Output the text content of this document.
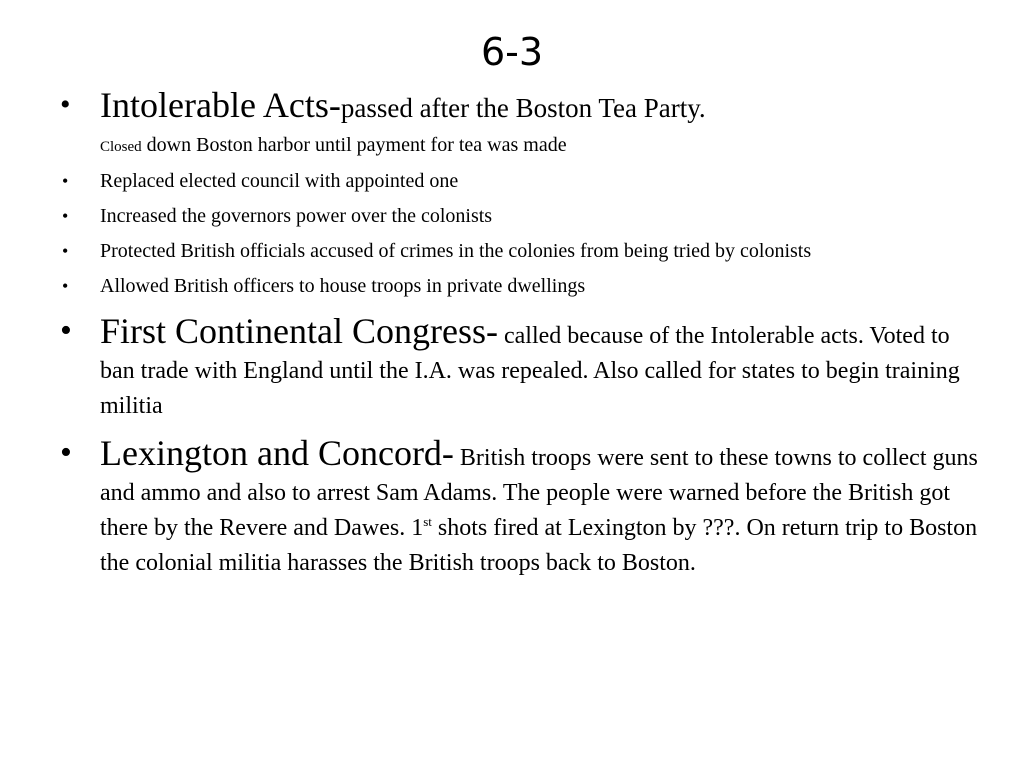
6-3
• Intolerable Acts-passed after the Boston Tea Party.
Closed down Boston harbor until payment for tea was made
• Replaced elected council with appointed one
• Increased the governors power over the colonists
• Protected British officials accused of crimes in the colonies from being tried by colonists
• Allowed British officers to house troops in private dwellings
• First Continental Congress- called because of the Intolerable acts. Voted to ban trade with England until the I.A. was repealed. Also called for states to begin training militia
• Lexington and Concord- British troops were sent to these towns to collect guns and ammo and also to arrest Sam Adams. The people were warned before the British got there by the Revere and Dawes. 1st shots fired at Lexington by ???. On return trip to Boston the colonial militia harasses the British troops back to Boston.
